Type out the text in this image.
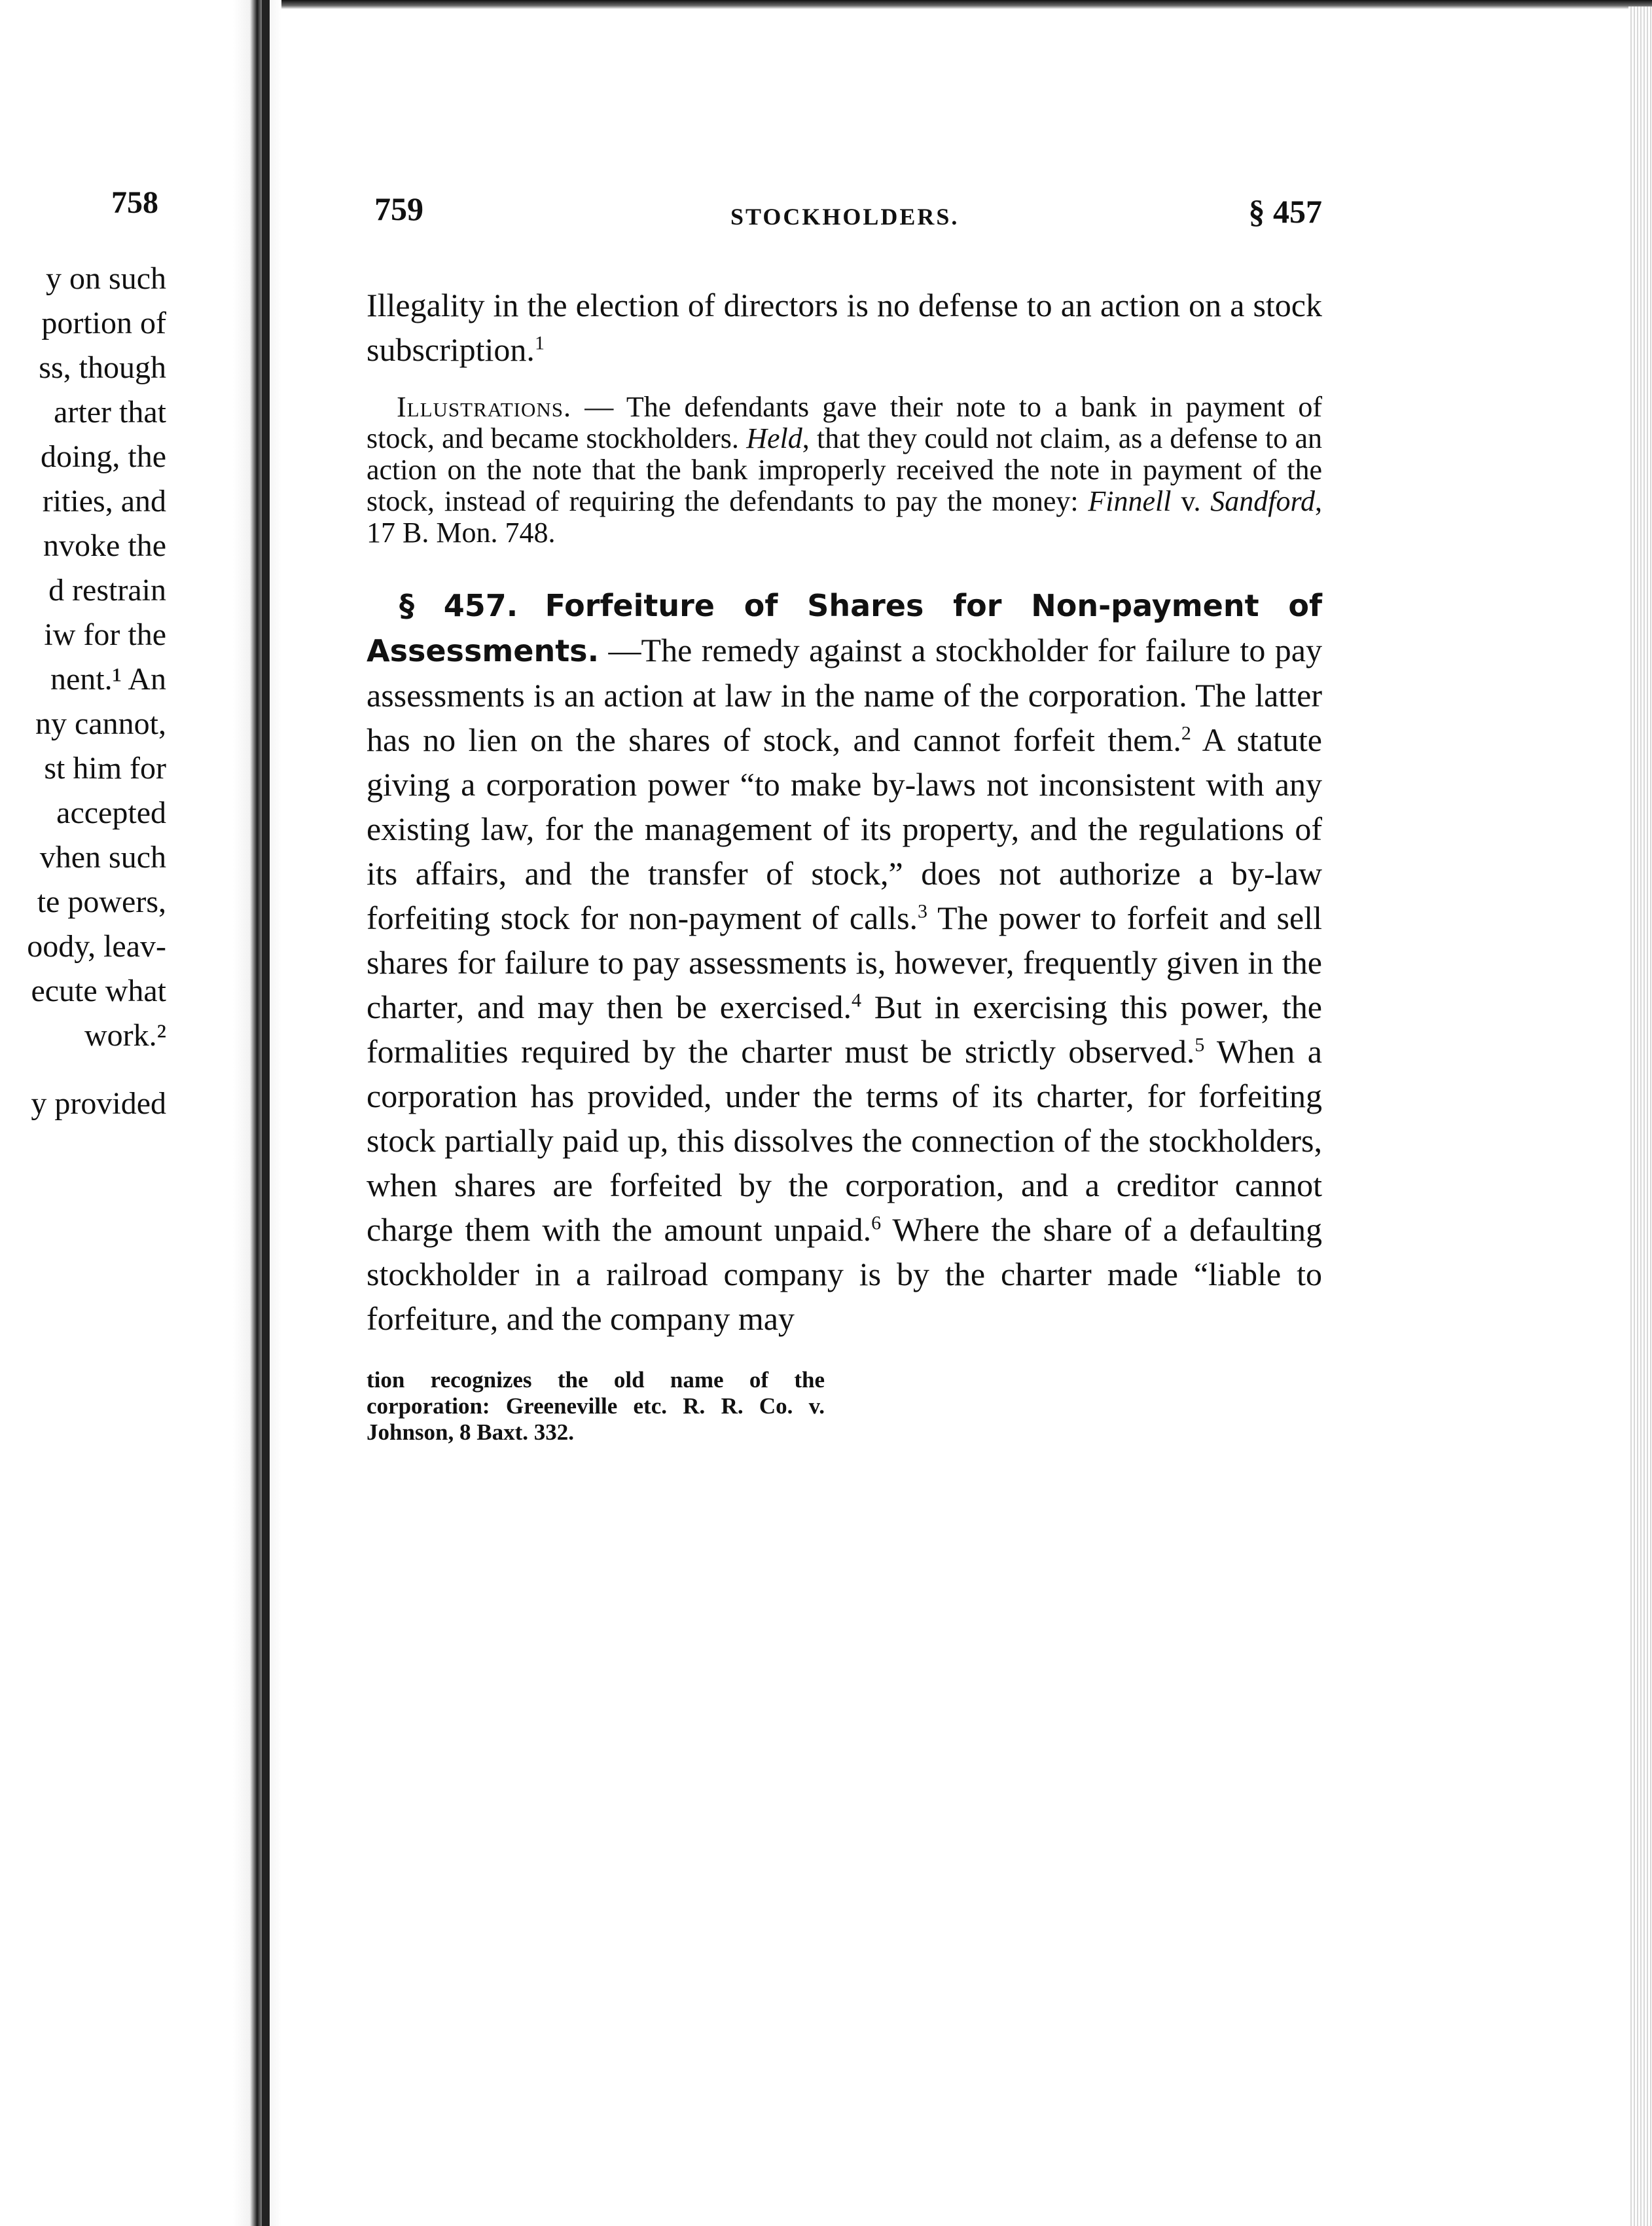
758
y on such
portion of
ss, though
arter that
doing, the
rities, and
nvoke the
d restrain
iw for the
nent.¹ An
ny cannot,
st him for
accepted
vhen such
te powers,
oody, leav-
ecute what
work.²
y provided
759	STOCKHOLDERS.	§ 457

Illegality in the election of directors is no defense to an action on a stock subscription.$^1$

Illustrations. — The defendants gave their note to a bank in payment of stock, and became stockholders. Held, that they could not claim, as a defense to an action on the note that the bank improperly received the note in payment of the stock, instead of requiring the defendants to pay the money: Finnell v. Sandford, 17 B. Mon. 748.

§ 457. Forfeiture of Shares for Non-payment of Assessments. —The remedy against a stockholder for failure to pay assessments is an action at law in the name of the corporation. The latter has no lien on the shares of stock, and cannot forfeit them.$^2$ A statute giving a corporation power “to make by-laws not inconsistent with any existing law, for the management of its property, and the regulations of its affairs, and the transfer of stock,” does not authorize a by-law forfeiting stock for non-payment of calls.$^3$ The power to forfeit and sell shares for failure to pay assessments is, however, frequently given in the charter, and may then be exercised.$^4$ But in exercising this power, the formalities required by the charter must be strictly observed.$^5$ When a corporation has provided, under the terms of its charter, for forfeiting stock partially paid up, this dissolves the connection of the stockholders, when shares are forfeited by the corporation, and a creditor cannot charge them with the amount unpaid.$^6$ Where the share of a defaulting stockholder in a railroad company is by the charter made “liable to forfeiture, and the company may

tion recognizes the old name of the corporation: Greeneville etc. R. R. Co. v. Johnson, 8 Baxt. 332.
